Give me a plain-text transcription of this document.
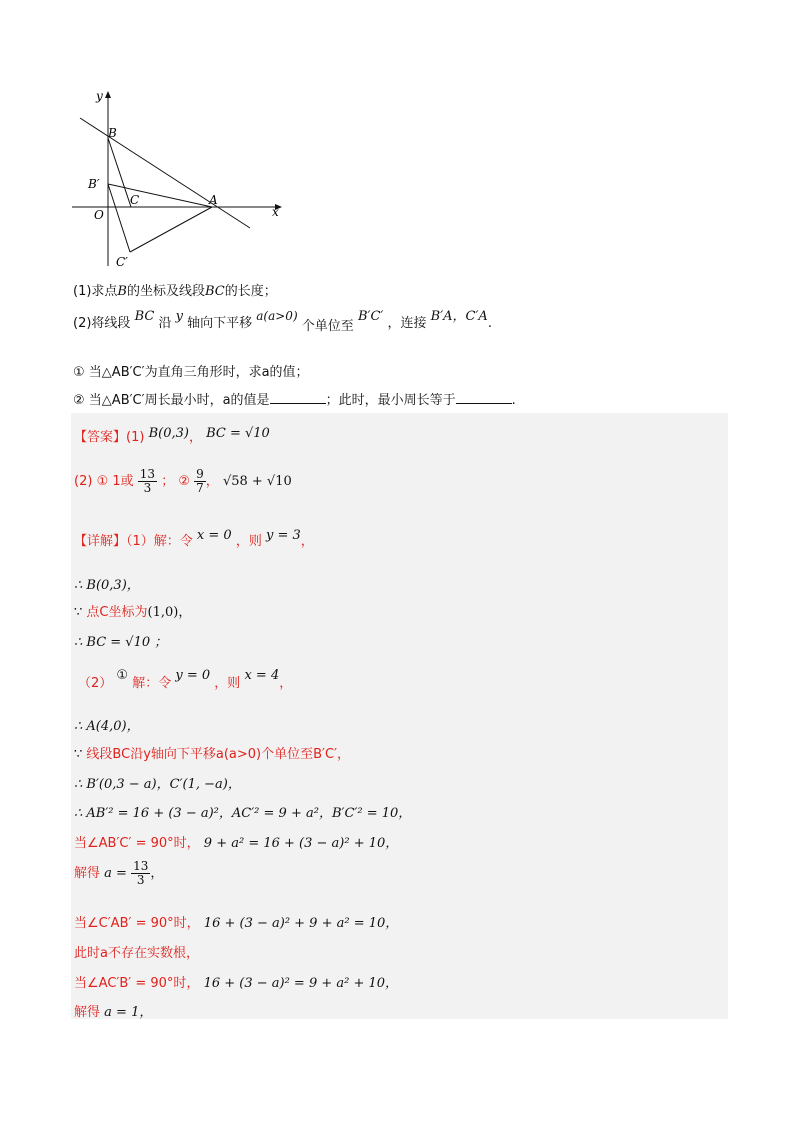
y
x
O
B
B′
C	A
C′
(1)求点B的坐标及线段BC的长度；
(2)将线段 BC 沿 y 轴向下平移 a(a>0) 个单位至 B′C′ ，连接 B′A，C′A.
① 当△AB′C′为直角三角形时，求a的值；
② 当△AB′C′周长最小时，a的值是	；此时，最小周长等于	.
【答案】(1) B(0,3)， BC = √10
(2) ① 1或 $\frac{13}{3}$ ； ② $\frac{9}{7}$ ， √58 + √10
【详解】（1）解：令 x = 0 ，则 y = 3，
∴ B(0,3)，
∵ 点C坐标为(1,0)，
∴ BC = √10 ；
（2） ① 解：令 y = 0 ，则 x = 4，
∴ A(4,0)，
∵ 线段BC沿y轴向下平移a(a>0)个单位至B′C′，
∴ B′(0,3 − a)，C′(1, −a)，
∴ AB′² = 16 + (3 − a)²，AC′² = 9 + a²，B′C′² = 10，
当∠AB′C′ = 90°时， 9 + a² = 16 + (3 − a)² + 10，
解得 $a = \frac{13}{3}$ ，
当∠C′AB′ = 90°时， 16 + (3 − a)² + 9 + a² = 10，
此时a不存在实数根，
当∠AC′B′ = 90°时， 16 + (3 − a)² = 9 + a² + 10，
解得 a = 1，
